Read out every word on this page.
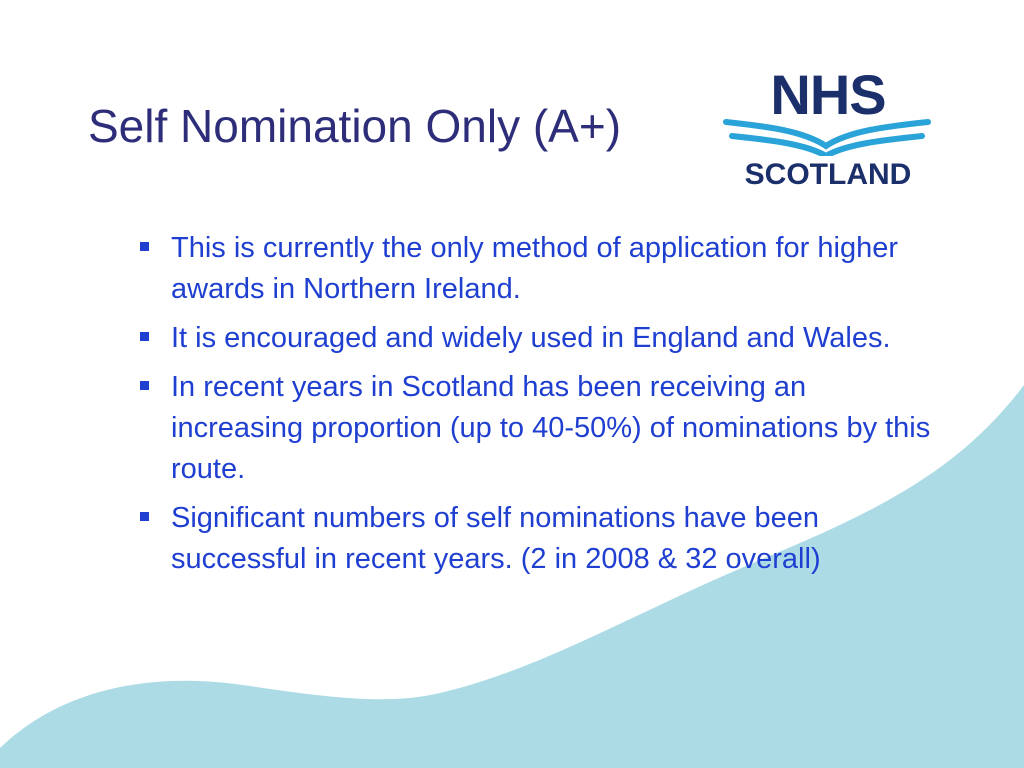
Self Nomination Only (A+)	NHS
SCOTLAND
This is currently the only method of application for higher awards in Northern Ireland.
It is encouraged and widely used in England and Wales.
In recent years in Scotland has been receiving an increasing proportion (up to 40-50%) of nominations by this route.
Significant numbers of self nominations have been successful in recent years. (2 in 2008 & 32 overall)
